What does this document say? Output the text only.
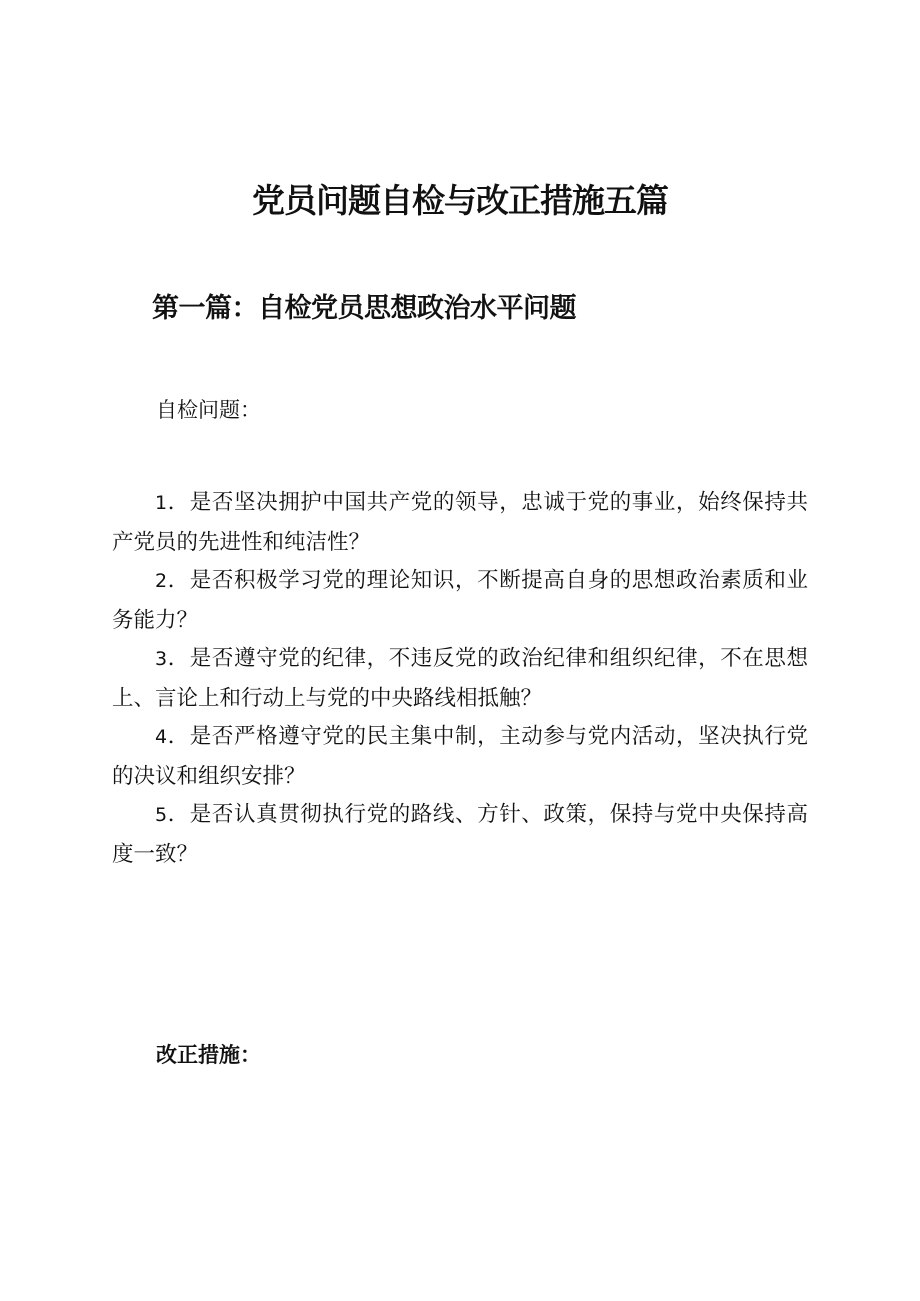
党员问题自检与改正措施五篇
第一篇：自检党员思想政治水平问题

自检问题：

1．是否坚决拥护中国共产党的领导，忠诚于党的事业，始终保持共产党员的先进性和纯洁性？
2．是否积极学习党的理论知识，不断提高自身的思想政治素质和业务能力？
3．是否遵守党的纪律，不违反党的政治纪律和组织纪律，不在思想上、言论上和行动上与党的中央路线相抵触？
4．是否严格遵守党的民主集中制，主动参与党内活动，坚决执行党的决议和组织安排？
5．是否认真贯彻执行党的路线、方针、政策，保持与党中央保持高度一致？

改正措施：
